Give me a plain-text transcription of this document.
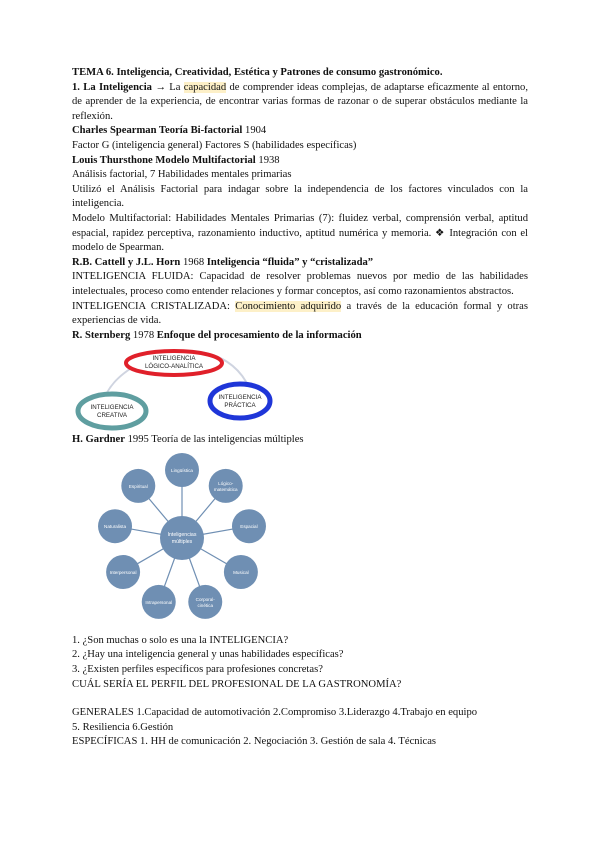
TEMA 6. Inteligencia, Creatividad, Estética y Patrones de consumo gastronómico.

1. La Inteligencia → La capacidad de comprender ideas complejas, de adaptarse eficazmente al entorno, de aprender de la experiencia, de encontrar varias formas de razonar o de superar obstáculos mediante la reflexión.

Charles Spearman Teoría Bi-factorial 1904

Factor G (inteligencia general) Factores S (habilidades específicas)

Louis Thursthone Modelo Multifactorial 1938

Análisis factorial, 7 Habilidades mentales primarias

Utilizó el Análisis Factorial para indagar sobre la independencia de los factores vinculados con la inteligencia.

Modelo Multifactorial: Habilidades Mentales Primarias (7): fluidez verbal, comprensión verbal, aptitud espacial, rapidez perceptiva, razonamiento inductivo, aptitud numérica y memoria. ❖ Integración con el modelo de Spearman.

R.B. Cattell y J.L. Horn 1968 Inteligencia “fluida” y “cristalizada”

INTELIGENCIA FLUIDA: Capacidad de resolver problemas nuevos por medio de las habilidades intelectuales, proceso como entender relaciones y formar conceptos, así como razonamientos abstractos.

INTELIGENCIA CRISTALIZADA: Conocimiento adquirido a través de la educación formal y otras experiencias de vida.

R. Sternberg 1978 Enfoque del procesamiento de la información

INTELIGENCIA
LÓGICO-ANALÍTICA
INTELIGENCIA
CREATIVA
INTELIGENCIA
PRÁCTICA

H. Gardner 1995 Teoría de las inteligencias múltiples

Inteligencias
múltiples
Lingüística
Lógico-
matemática
Espacial
Musical
Corporal-
cinética
Intrapersonal
Interpersonal
Naturalista
Espiritual

1. ¿Son muchas o solo es una la INTELIGENCIA?

2. ¿Hay una inteligencia general y unas habilidades específicas?

3. ¿Existen perfiles específicos para profesiones concretas?

CUÁL SERÍA EL PERFIL DEL PROFESIONAL DE LA GASTRONOMÍA?

GENERALES 1.Capacidad de automotivación 2.Compromiso 3.Liderazgo 4.Trabajo en equipo

5. Resiliencia 6.Gestión

ESPECÍFICAS 1. HH de comunicación 2. Negociación 3. Gestión de sala 4. Técnicas
